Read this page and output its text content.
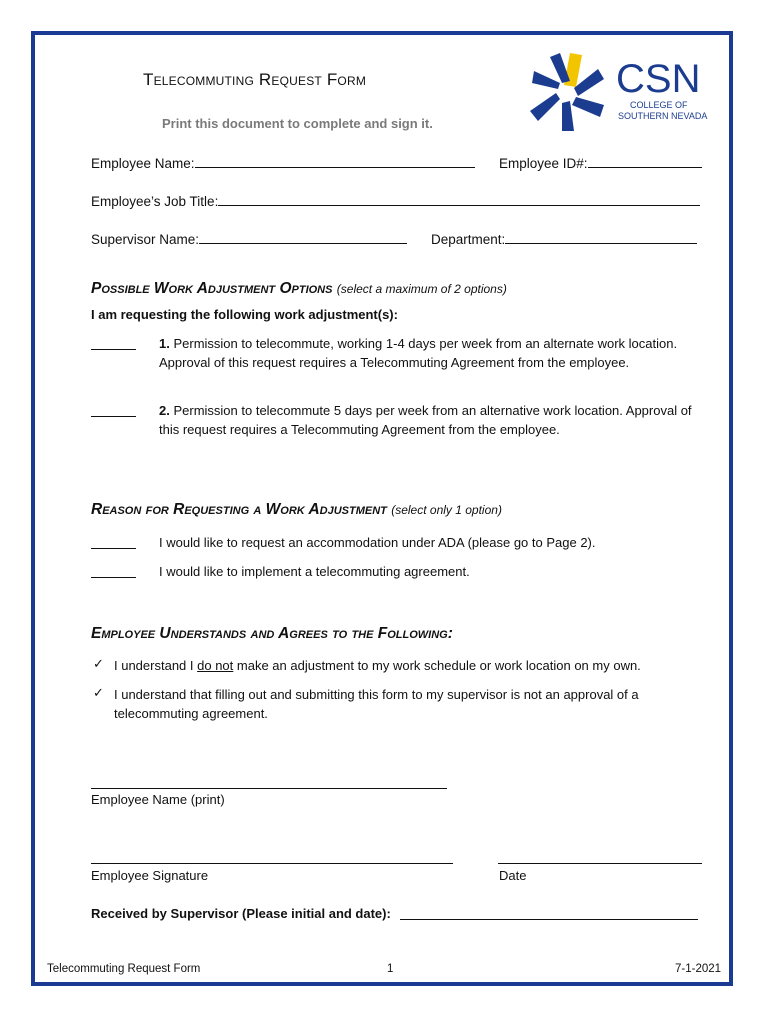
Telecommuting Request Form
Print this document to complete and sign it.
CSN
COLLEGE OF
SOUTHERN NEVADA
Employee Name:	Employee ID#:
Employee’s Job Title:
Supervisor Name:	Department:
Possible Work Adjustment Options (select a maximum of 2 options)
I am requesting the following work adjustment(s):
1. Permission to telecommute, working 1-4 days per week from an alternate work location. Approval of this request requires a Telecommuting Agreement from the employee.
2. Permission to telecommute 5 days per week from an alternative work location. Approval of this request requires a Telecommuting Agreement from the employee.
Reason for Requesting a Work Adjustment (select only 1 option)
I would like to request an accommodation under ADA (please go to Page 2).
I would like to implement a telecommuting agreement.
Employee Understands and Agrees to the Following:
✓ I understand I do not make an adjustment to my work schedule or work location on my own.
✓ I understand that filling out and submitting this form to my supervisor is not an approval of a telecommuting agreement.
Employee Name (print)
Employee Signature	Date
Received by Supervisor (Please initial and date):
Telecommuting Request Form	1	7-1-2021
